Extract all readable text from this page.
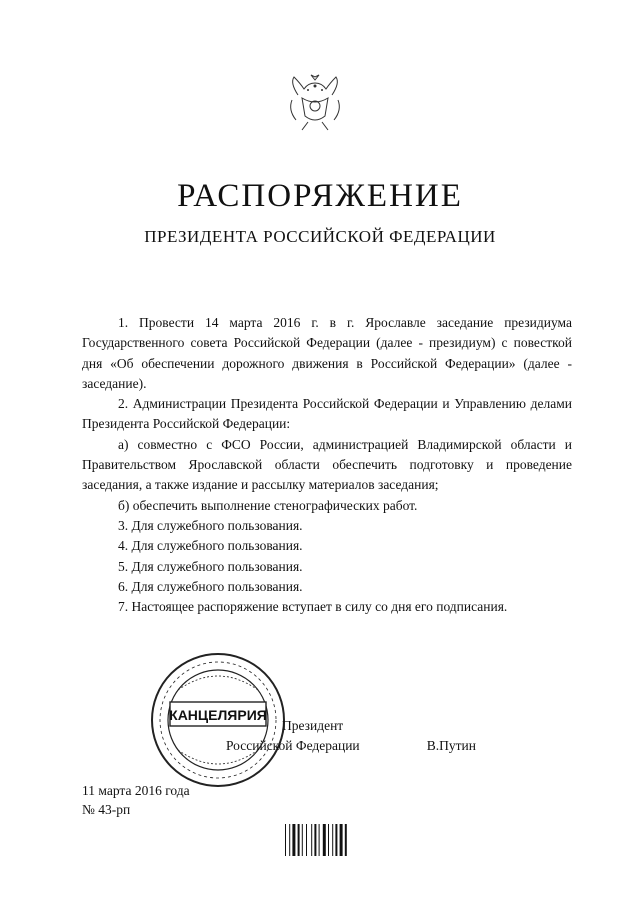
РАСПОРЯЖЕНИЕ
ПРЕЗИДЕНТА РОССИЙСКОЙ ФЕДЕРАЦИИ

1. Провести 14 марта 2016 г. в г. Ярославле заседание президиума Государственного совета Российской Федерации (далее - президиум) с повесткой дня «Об обеспечении дорожного движения в Российской Федерации» (далее - заседание).

2. Администрации Президента Российской Федерации и Управлению делами Президента Российской Федерации:

а) совместно с ФСО России, администрацией Владимирской области и Правительством Ярославской области обеспечить подготовку и проведение заседания, а также издание и рассылку материалов заседания;

б) обеспечить выполнение стенографических работ.

3. Для служебного пользования.

4. Для служебного пользования.

5. Для служебного пользования.

6. Для служебного пользования.

7. Настоящее распоряжение вступает в силу со дня его подписания.

КАНЦЕЛЯРИЯ
Президент
Российской Федерации	В.Путин
11 марта 2016 года
№ 43-рп
